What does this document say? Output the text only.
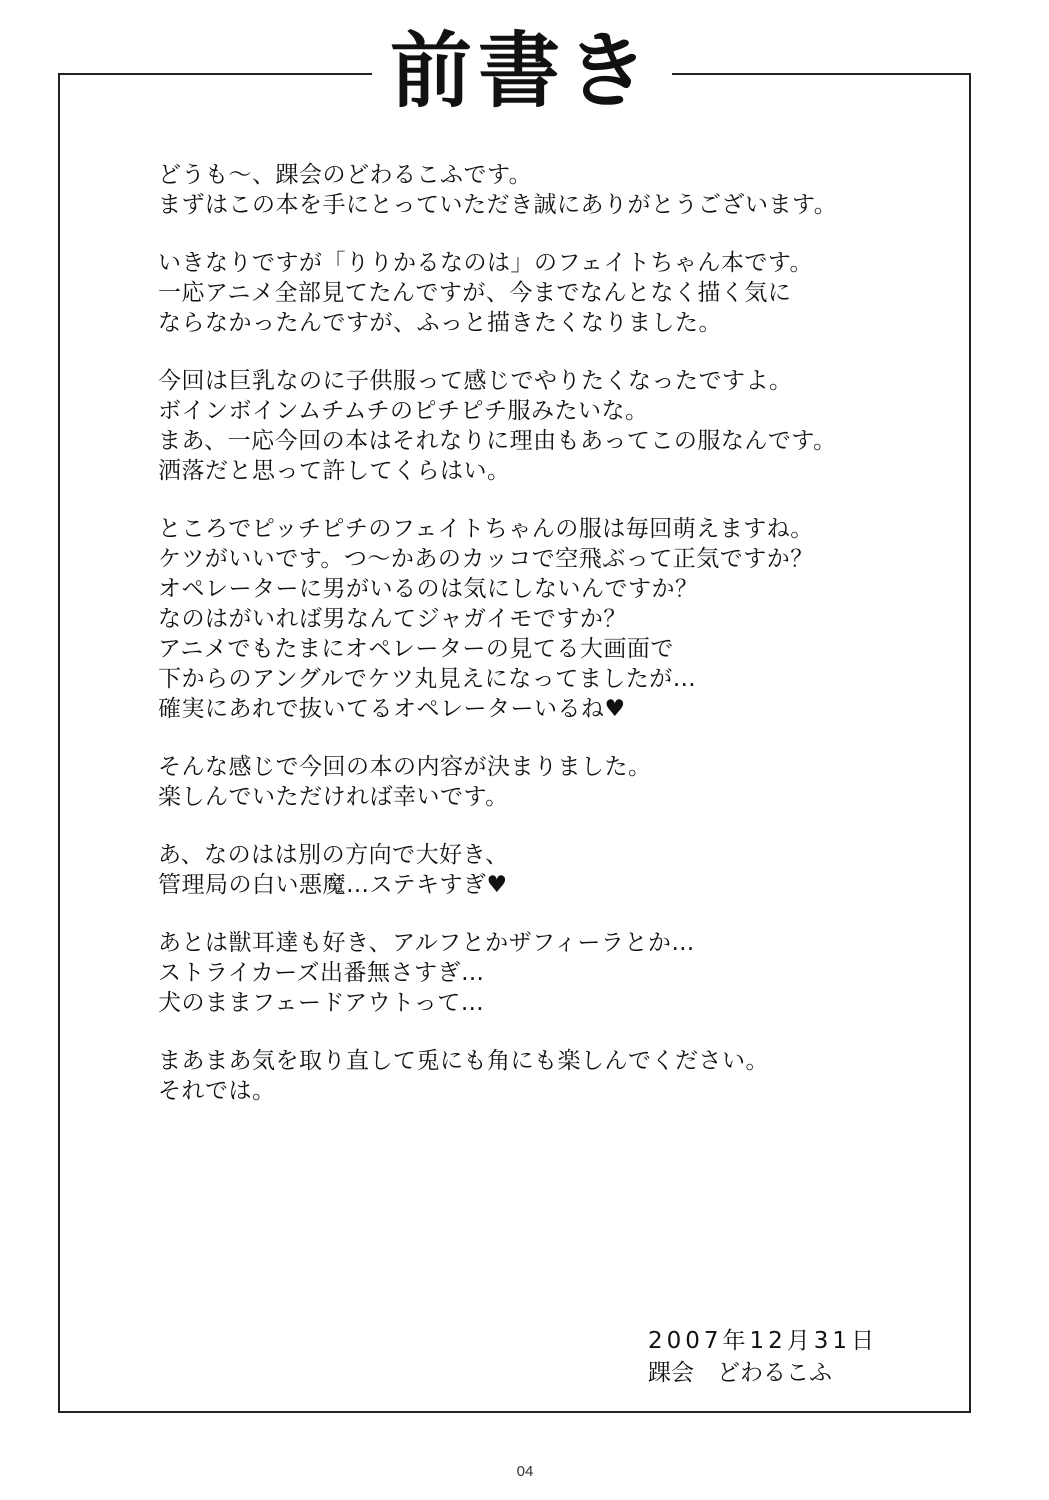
前書き
どうも〜、踝会のどわるこふです。
まずはこの本を手にとっていただき誠にありがとうございます。
いきなりですが「りりかるなのは」のフェイトちゃん本です。
一応アニメ全部見てたんですが、今までなんとなく描く気に
ならなかったんですが、ふっと描きたくなりました。
今回は巨乳なのに子供服って感じでやりたくなったですよ。
ボインボインムチムチのピチピチ服みたいな。
まあ、一応今回の本はそれなりに理由もあってこの服なんです。
洒落だと思って許してくらはい。
ところでピッチピチのフェイトちゃんの服は毎回萌えますね。
ケツがいいです。つ〜かあのカッコで空飛ぶって正気ですか？
オペレーターに男がいるのは気にしないんですか？
なのはがいれば男なんてジャガイモですか？
アニメでもたまにオペレーターの見てる大画面で
下からのアングルでケツ丸見えになってましたが…
確実にあれで抜いてるオペレーターいるね♥
そんな感じで今回の本の内容が決まりました。
楽しんでいただければ幸いです。
あ、なのはは別の方向で大好き、
管理局の白い悪魔…ステキすぎ♥
あとは獣耳達も好き、アルフとかザフィーラとか…
ストライカーズ出番無さすぎ…
犬のままフェードアウトって…
まあまあ気を取り直して兎にも角にも楽しんでください。
それでは。
2007年12月31日
踝会　どわるこふ
04
